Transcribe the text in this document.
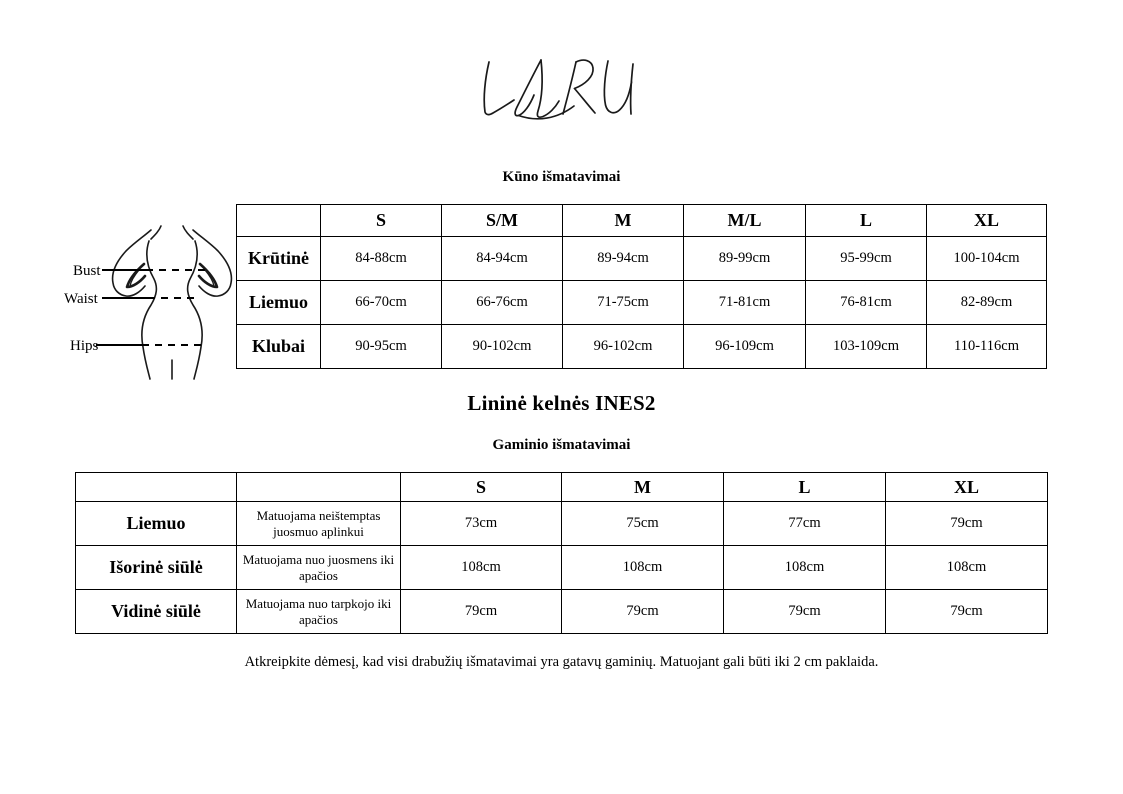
Kūno išmatavimai
Bust
Waist
Hips
	S	S/M	M	M/L	L	XL
Krūtinė	84-88cm	84-94cm	89-94cm	89-99cm	95-99cm	100-104cm
Liemuo	66-70cm	66-76cm	71-75cm	71-81cm	76-81cm	82-89cm
Klubai	90-95cm	90-102cm	96-102cm	96-109cm	103-109cm	110-116cm
Lininė kelnės INES2
Gaminio išmatavimai
		S	M	L	XL
Liemuo	Matuojama neištemptas juosmuo aplinkui	73cm	75cm	77cm	79cm
Išorinė siūlė	Matuojama nuo juosmens iki apačios	108cm	108cm	108cm	108cm
Vidinė siūlė	Matuojama nuo tarpkojo iki apačios	79cm	79cm	79cm	79cm
Atkreipkite dėmesį, kad visi drabužių išmatavimai yra gatavų gaminių. Matuojant gali būti iki 2 cm paklaida.
